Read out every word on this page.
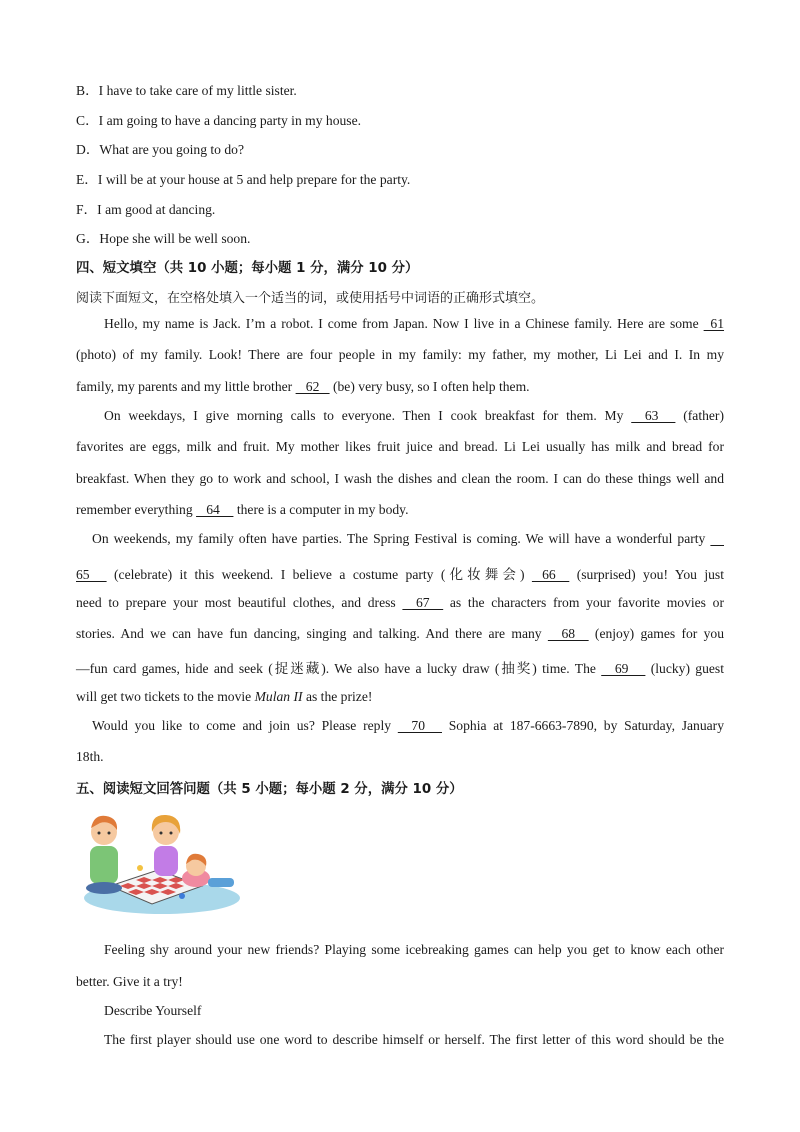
B．I have to take care of my little sister.
C．I am going to have a dancing party in my house.
D．What are you going to do?
E．I will be at your house at 5 and help prepare for the party.
F．I am good at dancing.
G．Hope she will be well soon.
四、短文填空（共 10 小题；每小题 1 分，满分 10 分）
阅读下面短文，在空格处填入一个适当的词，或使用括号中词语的正确形式填空。
Hello, my name is Jack. I’m a robot. I come from Japan. Now I live in a Chinese family. Here are some   61
(photo) of my family. Look! There are four people in my family: my father, my mother, Li Lei and I. In my
family, my parents and my little brother    62    (be) very busy, so I often help them.
On weekdays, I give morning calls to everyone. Then I cook breakfast for them. My     63      (father)
favorites are eggs, milk and fruit. My mother likes fruit juice and bread. Li Lei usually has milk and bread for
breakfast. When they go to work and school, I wash the dishes and clean the room. I can do these things well and
remember everything    64     there is a computer in my body.
On weekends, my family often have parties. The Spring Festival is coming. We will have a wonderful party
65      (celebrate) it this weekend. I believe a costume party (化妆舞会)    66     (surprised) you! You just
need to prepare your most beautiful clothes, and dress     67     as the characters from your favorite movies or
stories. And we can have fun dancing, singing and talking. And there are many     68     (enjoy) games for you
—fun card games, hide and seek (捉迷藏). We also have a lucky draw (抽奖) time. The     69      (lucky) guest
will get two tickets to the movie Mulan II as the prize!
Would you like to come and join us? Please reply     70      Sophia at 187-6663-7890, by Saturday, January
18th.
五、阅读短文回答问题（共 5 小题；每小题 2 分，满分 10 分）
Feeling shy around your new friends? Playing some icebreaking games can help you get to know each other
better. Give it a try!
Describe Yourself
The first player should use one word to describe himself or herself. The first letter of this word should be the
